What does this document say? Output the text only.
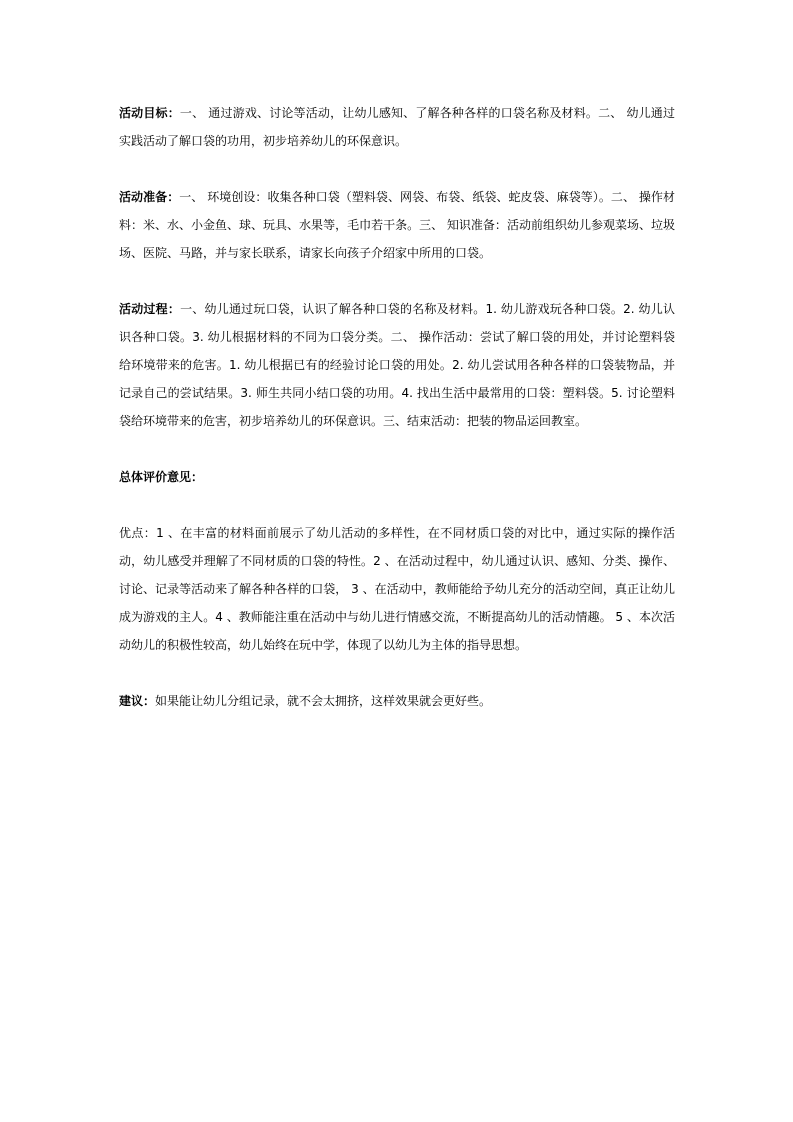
活动目标：一、 通过游戏、讨论等活动，让幼儿感知、了解各种各样的口袋名称及材料。二、 幼儿通过实践活动了解口袋的功用，初步培养幼儿的环保意识。

活动准备：一、 环境创设：收集各种口袋（塑料袋、网袋、布袋、纸袋、蛇皮袋、麻袋等）。二、 操作材料：米、水、小金鱼、球、玩具、水果等，毛巾若干条。三、 知识准备：活动前组织幼儿参观菜场、垃圾场、医院、马路，并与家长联系，请家长向孩子介绍家中所用的口袋。

活动过程：一、幼儿通过玩口袋，认识了解各种口袋的名称及材料。1. 幼儿游戏玩各种口袋。2. 幼儿认识各种口袋。3. 幼儿根据材料的不同为口袋分类。二、 操作活动：尝试了解口袋的用处，并讨论塑料袋给环境带来的危害。1. 幼儿根据已有的经验讨论口袋的用处。2. 幼儿尝试用各种各样的口袋装物品，并记录自己的尝试结果。3. 师生共同小结口袋的功用。4. 找出生活中最常用的口袋：塑料袋。5. 讨论塑料袋给环境带来的危害，初步培养幼儿的环保意识。三、结束活动：把装的物品运回教室。

总体评价意见：

优点：1 、在丰富的材料面前展示了幼儿活动的多样性，在不同材质口袋的对比中，通过实际的操作活动，幼儿感受并理解了不同材质的口袋的特性。2 、在活动过程中，幼儿通过认识、感知、分类、操作、讨论、记录等活动来了解各种各样的口袋， 3 、在活动中，教师能给予幼儿充分的活动空间，真正让幼儿成为游戏的主人。4 、教师能注重在活动中与幼儿进行情感交流，不断提高幼儿的活动情趣。 5 、本次活动幼儿的积极性较高，幼儿始终在玩中学，体现了以幼儿为主体的指导思想。

建议：如果能让幼儿分组记录，就不会太拥挤，这样效果就会更好些。
